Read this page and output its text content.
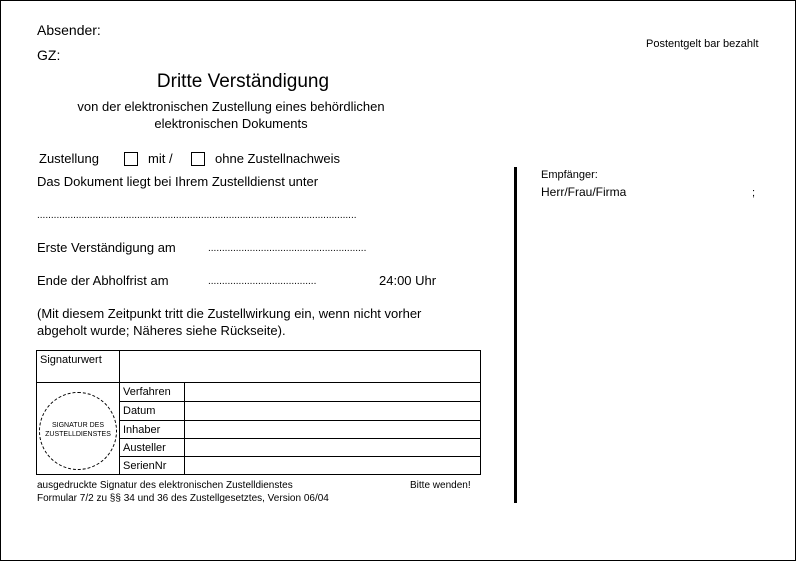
Absender:
GZ:
Postentgelt bar bezahlt
Dritte Verständigung
von der elektronischen Zustellung eines behördlichen
elektronischen Dokuments
Zustellung	mit /	ohne Zustellnachweis
Das Dokument liegt bei Ihrem Zustelldienst unter
...................................................................................................................
Erste Verständigung am	.........................................................
Ende der Abholfrist am	.......................................	24:00 Uhr
(Mit diesem Zeitpunkt tritt die Zustellwirkung ein, wenn nicht vorher
abgeholt wurde; Näheres siehe Rückseite).
Signaturwert		
	Verfahren	
	Datum	
	Inhaber	
	Austeller	
	SerienNr	
SIGNATUR DES
ZUSTELLDIENSTES
ausgedruckte Signatur des elektronischen Zustelldienstes	Bitte wenden!
Formular 7/2 zu §§ 34 und 36 des Zustellgesetztes, Version 06/04
Empfänger:
Herr/Frau/Firma	;
